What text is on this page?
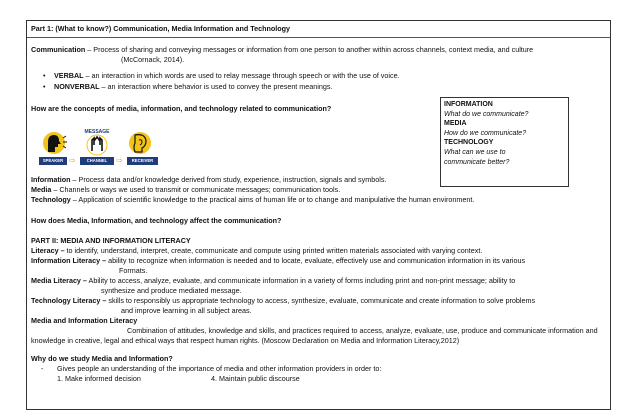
Part 1: (What to know?) Communication, Media Information and Technology
Communication – Process of sharing and conveying messages or information from one person to another within across channels, context media, and culture
(McCornack, 2014).
• VERBAL – an interaction in which words are used to relay message through speech or with the use of voice.
• NONVERBAL – an interaction where behavior is used to convey the present meanings.
How are the concepts of media, information, and technology related to communication?
MESSAGE
SPEAKER ⇨	CHANNEL	⇨	RECEIVER
INFORMATION
What do we communicate?
MEDIA
How do we communicate?
TECHNOLOGY
What can we use to
communicate better?
Information – Process data and/or knowledge derived from study, experience, instruction, signals and symbols.
Media – Channels or ways we used to transmit or communicate messages; communication tools.
Technology – Application of scientific knowledge to the practical aims of human life or to change and manipulative the human environment.
How does Media, Information, and technology affect the communication?
PART II: MEDIA AND INFORMATION LITERACY
Literacy – to identify, understand, interpret, create, communicate and compute using printed written materials associated with varying context.
Information Literacy – ability to recognize when information is needed and to locate, evaluate, effectively use and communication information in its various
Formats.
Media Literacy – Ability to access, analyze, evaluate, and communicate information in a variety of forms including print and non-print message; ability to
synthesize and produce mediated message.
Technology Literacy – skills to responsibly us appropriate technology to access, synthesize, evaluate, communicate and create information to solve problems
and improve learning in all subject areas.
Media and Information Literacy
Combination of attitudes, knowledge and skills, and practices required to access, analyze, evaluate, use, produce and communicate information and
knowledge in creative, legal and ethical ways that respect human rights. (Moscow Declaration on Media and Information Literacy,2012)
Why do we study Media and Information?
- Gives people an understanding of the importance of media and other information providers in order to:
1. Make informed decision	4. Maintain public discourse
